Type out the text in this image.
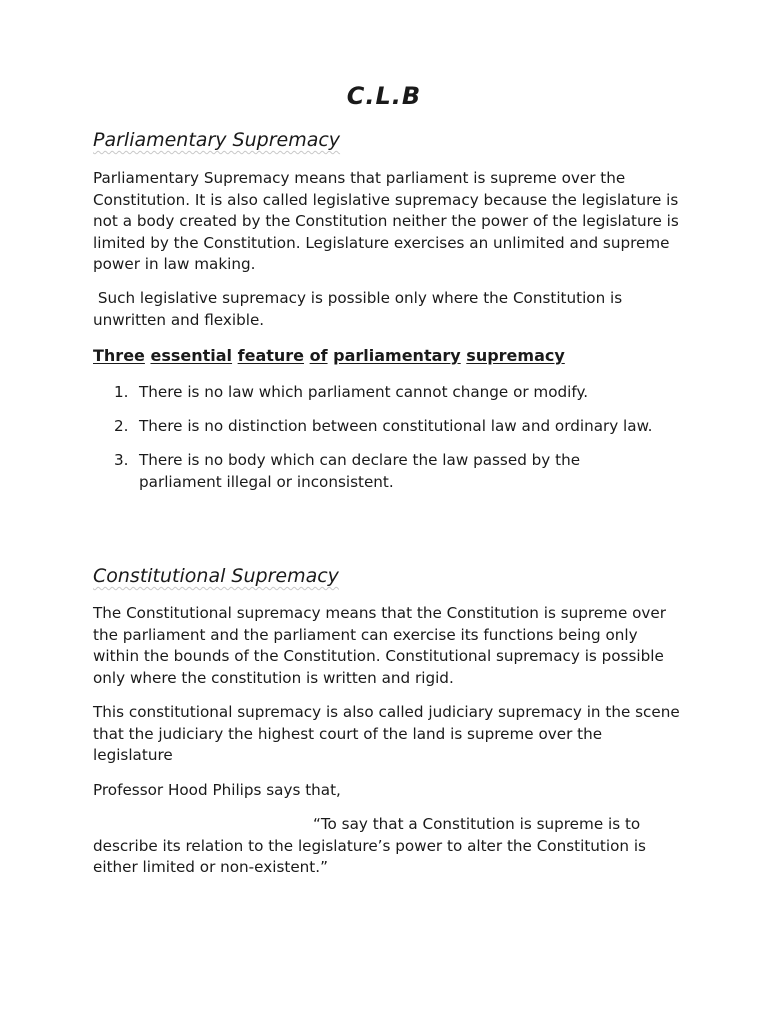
C.L.B
Parliamentary Supremacy

Parliamentary Supremacy means that parliament is supreme over the Constitution. It is also called legislative supremacy because the legislature is not a body created by the Constitution neither the power of the legislature is limited by the Constitution. Legislature exercises an unlimited and supreme power in law making.

Such legislative supremacy is possible only where the Constitution is unwritten and flexible.

Three essential feature of parliamentary supremacy
1. There is no law which parliament cannot change or modify.
2. There is no distinction between constitutional law and ordinary law.
3. There is no body which can declare the law passed by the parliament illegal or inconsistent.
Constitutional Supremacy

The Constitutional supremacy means that the Constitution is supreme over the parliament and the parliament can exercise its functions being only within the bounds of the Constitution. Constitutional supremacy is possible only where the constitution is written and rigid.

This constitutional supremacy is also called judiciary supremacy in the scene that the judiciary the highest court of the land is supreme over the legislature

Professor Hood Philips says that,

“To say that a Constitution is supreme is to describe its relation to the legislature’s power to alter the Constitution is either limited or non-existent.”
